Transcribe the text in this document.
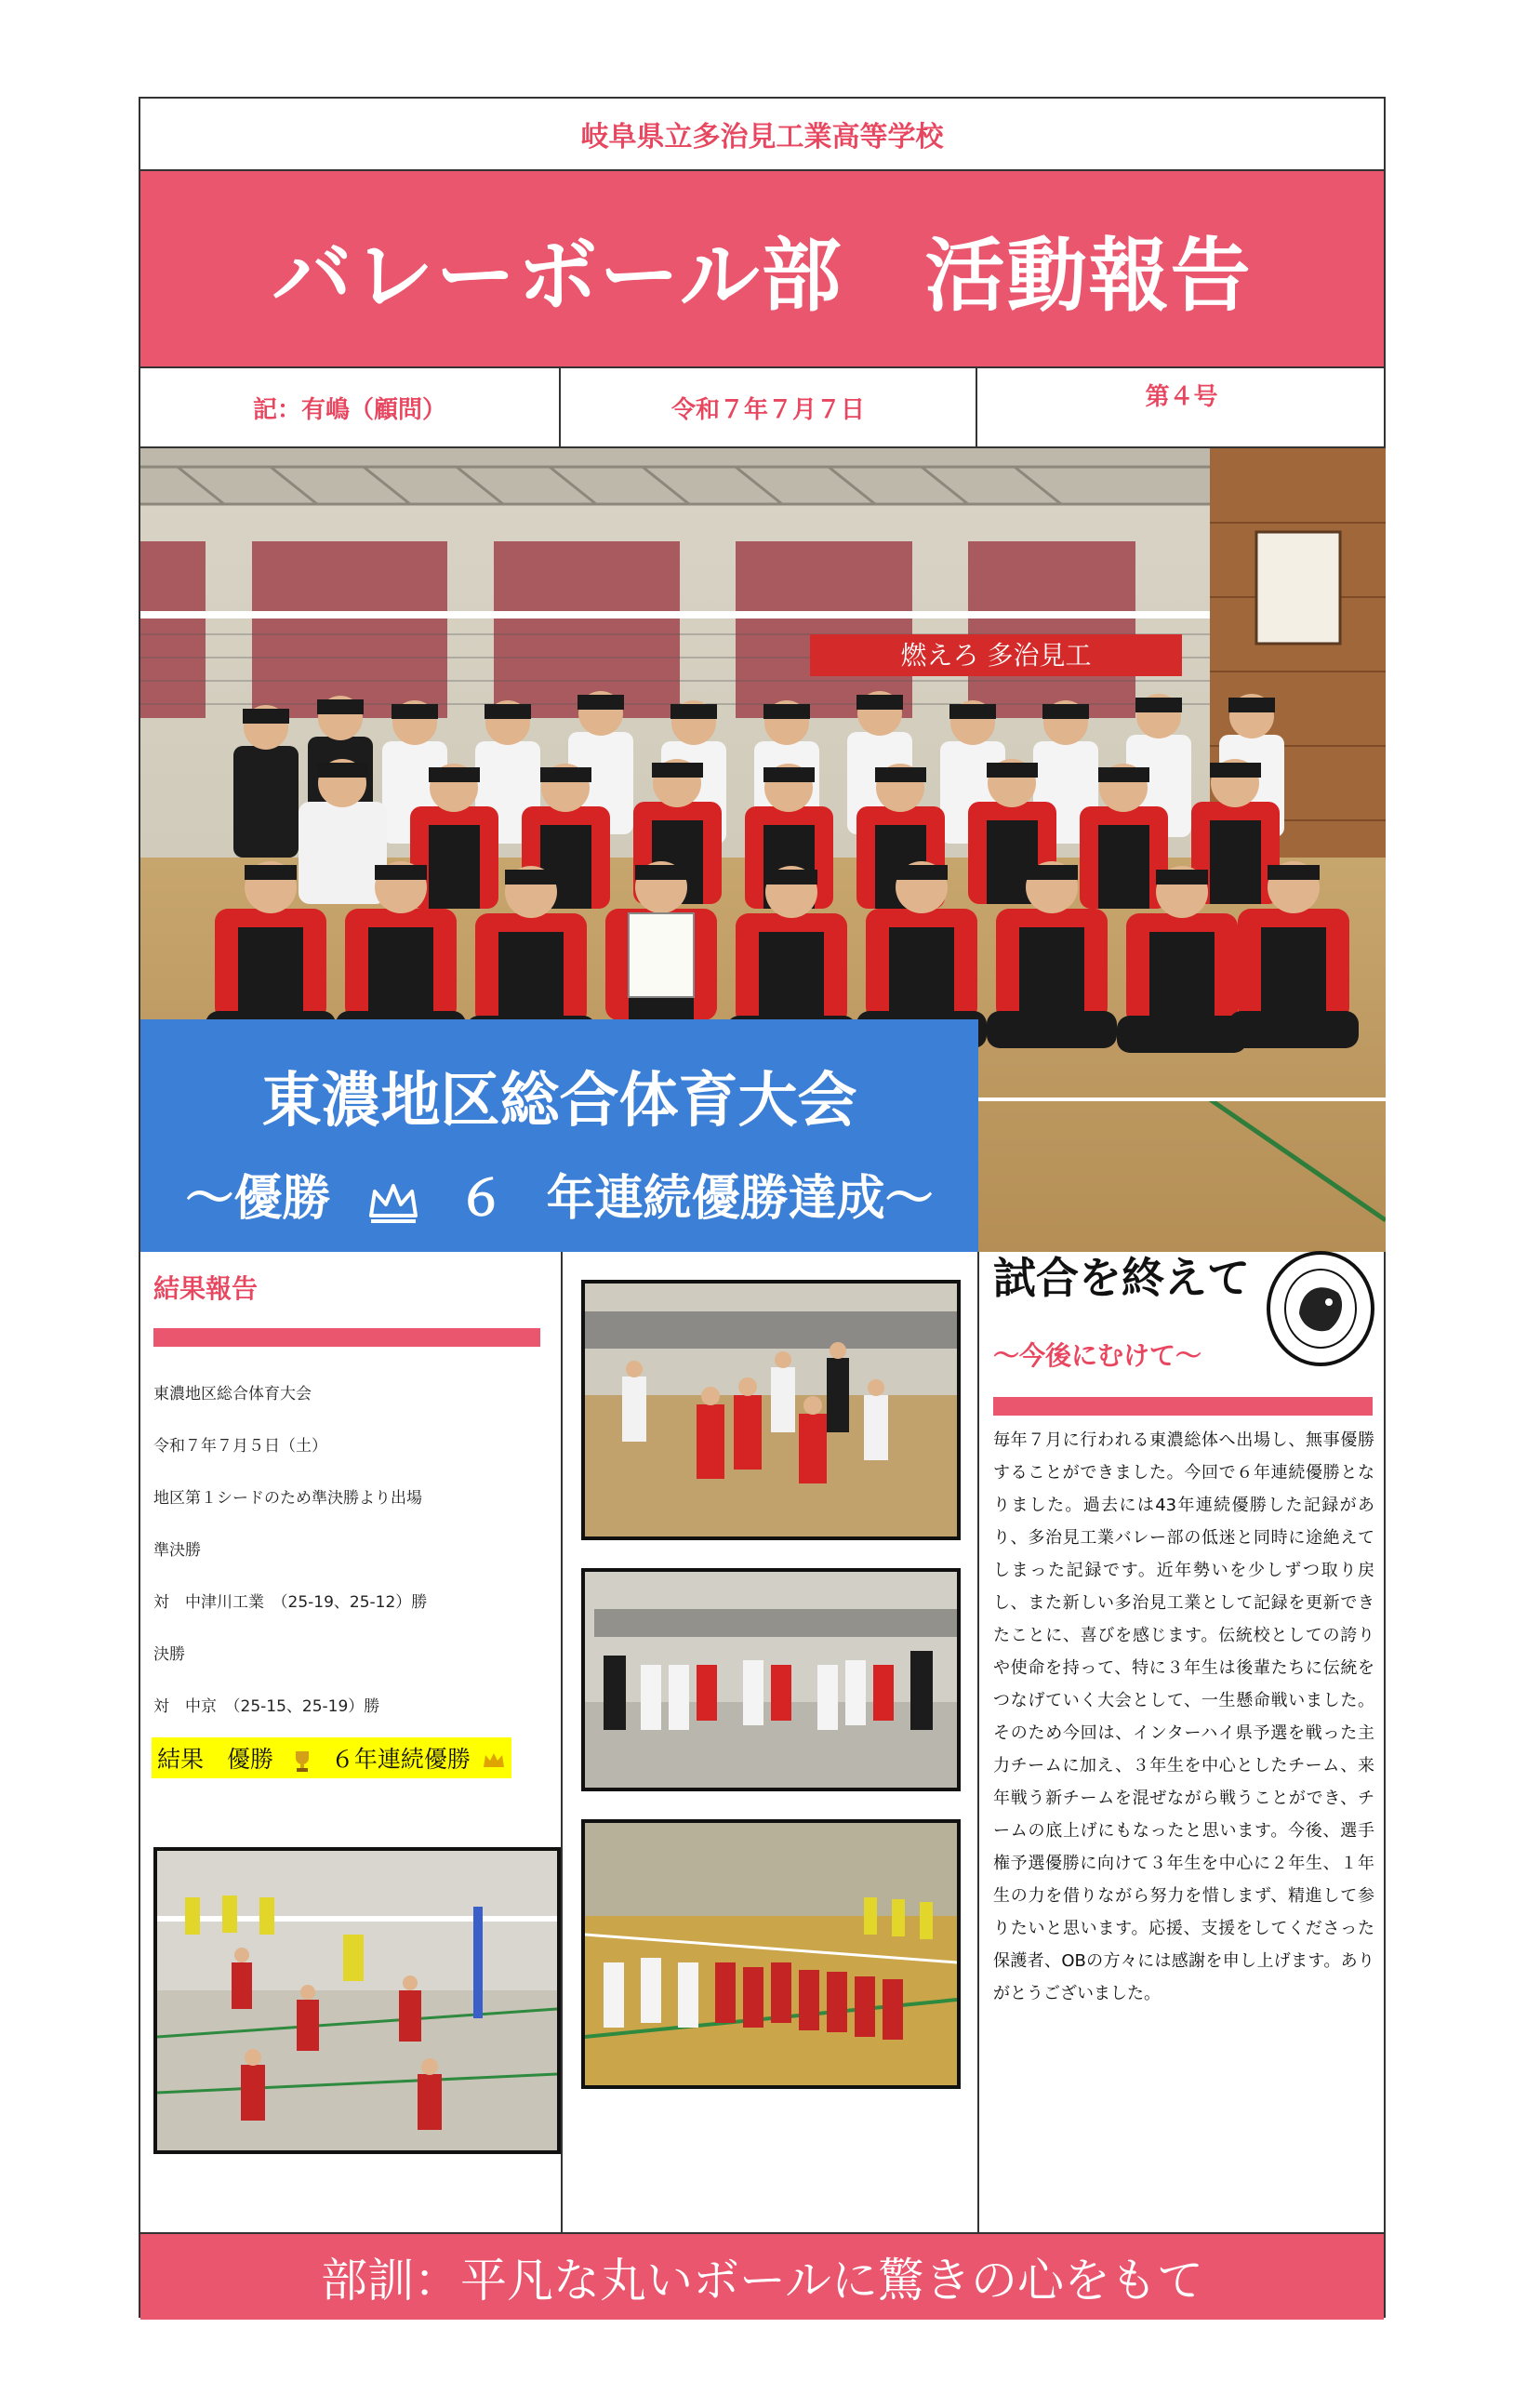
岐阜県立多治見工業高等学校
バレーボール部　活動報告
記：有嶋（顧問）	令和７年７月７日	第４号
燃えろ 多治見工
東濃地区総合体育大会
～優勝	６ 年連続優勝達成～
結果報告
東濃地区総合体育大会
令和７年７月５日（土）
地区第１シードのため準決勝より出場
準決勝
対　中津川工業　（25-19、25-12）勝
決勝
対　中京　（25-15、25-19）勝
結果　優勝 ６年連続優勝
試合を終えて
～今後にむけて～
毎年７月に行われる東濃総体へ出場し、無事優勝することができました。今回で６年連続優勝となりました。過去には43年連続優勝した記録があり、多治見工業バレー部の低迷と同時に途絶えてしまった記録です。近年勢いを少しずつ取り戻し、また新しい多治見工業として記録を更新できたことに、喜びを感じます。伝統校としての誇りや使命を持って、特に３年生は後輩たちに伝統をつなげていく大会として、一生懸命戦いました。そのため今回は、インターハイ県予選を戦った主力チームに加え、３年生を中心としたチーム、来年戦う新チームを混ぜながら戦うことができ、チームの底上げにもなったと思います。今後、選手権予選優勝に向けて３年生を中心に２年生、１年生の力を借りながら努力を惜しまず、精進して参りたいと思います。応援、支援をしてくださった保護者、OBの方々には感謝を申し上げます。ありがとうございました。
部訓：平凡な丸いボールに驚きの心をもて
